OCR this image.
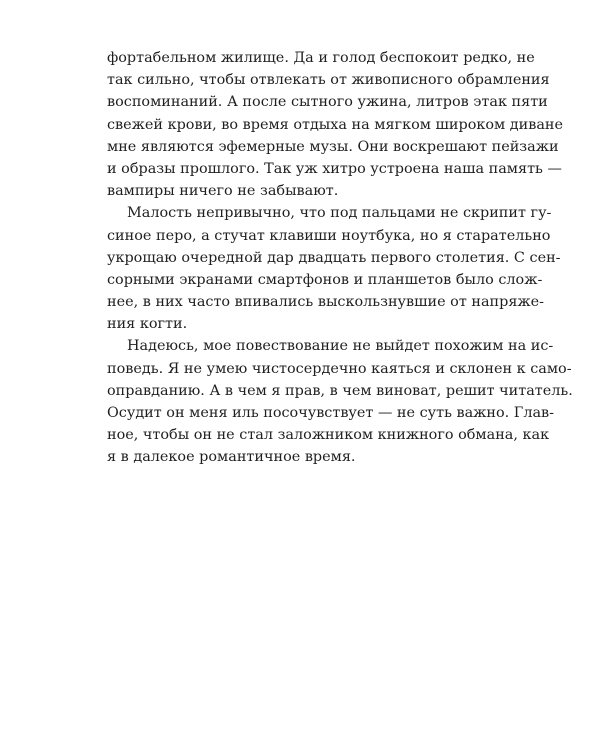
фортабельном жилище. Да и голод беспокоит редко, не
так сильно, чтобы отвлекать от живописного обрамления
воспоминаний. А после сытного ужина, литров этак пяти
свежей крови, во время отдыха на мягком широком диване
мне являются эфемерные музы. Они воскрешают пейзажи
и образы прошлого. Так уж хитро устроена наша память —
вампиры ничего не забывают.
Малость непривычно, что под пальцами не скрипит гу-
синое перо, а стучат клавиши ноутбука, но я старательно
укрощаю очередной дар двадцать первого столетия. С сен-
сорными экранами смартфонов и планшетов было слож-
нее, в них часто впивались выскользнувшие от напряже-
ния когти.
Надеюсь, мое повествование не выйдет похожим на ис-
поведь. Я не умею чистосердечно каяться и склонен к само-
оправданию. А в чем я прав, в чем виноват, решит читатель.
Осудит он меня иль посочувствует — не суть важно. Глав-
ное, чтобы он не стал заложником книжного обмана, как
я в далекое романтичное время.
